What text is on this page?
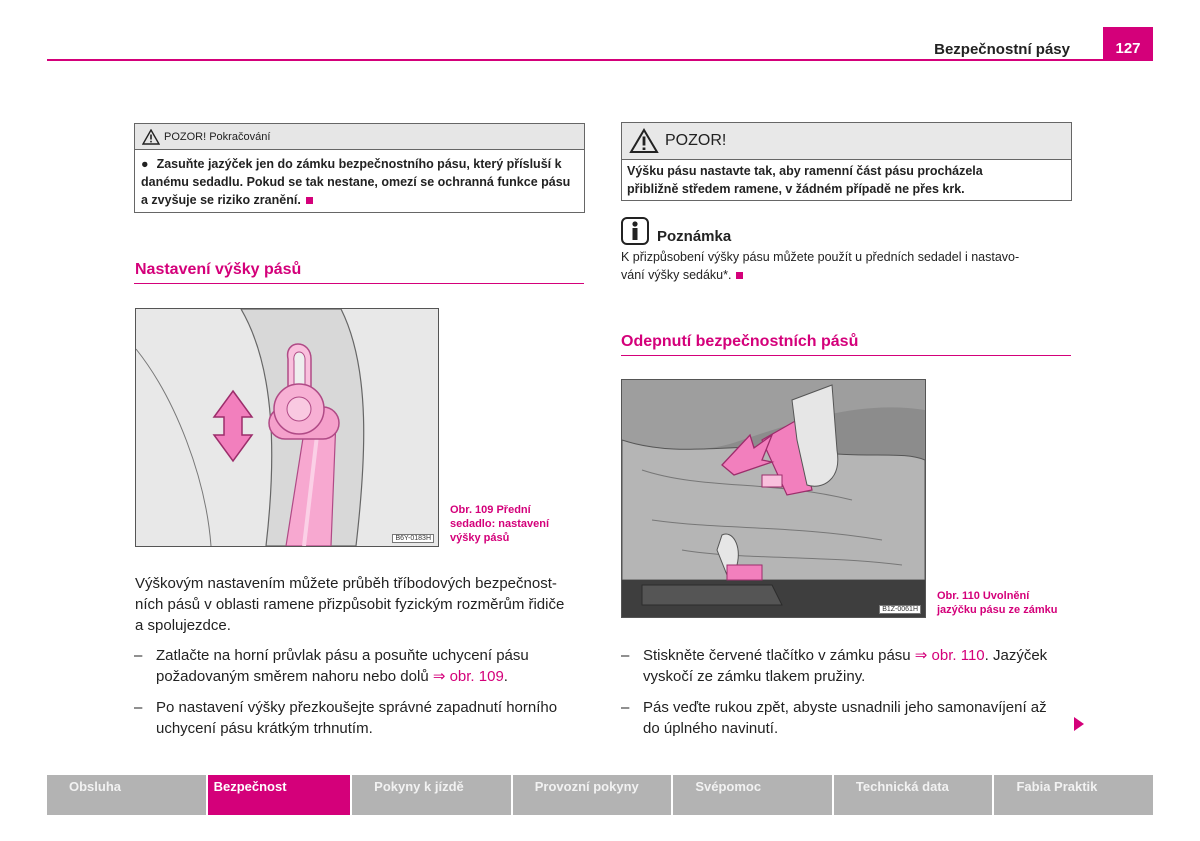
Bezpečnostní pásy	127
POZOR! Pokračování
● Zasuňte jazýček jen do zámku bezpečnostního pásu, který přísluší k danému sedadlu. Pokud se tak nestane, omezí se ochranná funkce pásu a zvyšuje se riziko zranění.
Nastavení výšky pásů
B6Y-0183H
Obr. 109 Přední
sedadlo: nastavení
výšky pásů
Výškovým nastavením můžete průběh tříbodových bezpečnost-
ních pásů v oblasti ramene přizpůsobit fyzickým rozměrům řidiče
a spolujezdce.
– Zatlačte na horní průvlak pásu a posuňte uchycení pásu
požadovaným směrem nahoru nebo dolů ⇒ obr. 109.
– Po nastavení výšky přezkoušejte správné zapadnutí horního
uchycení pásu krátkým trhnutím.
POZOR!
Výšku pásu nastavte tak, aby ramenní část pásu procházela
přibližně středem ramene, v žádném případě ne přes krk.
Poznámka
K přizpůsobení výšky pásu můžete použít u předních sedadel i nastavo-
vání výšky sedáku*.
Odepnutí bezpečnostních pásů
B1Z-0061H
Obr. 110 Uvolnění
jazýčku pásu ze zámku
– Stiskněte červené tlačítko v zámku pásu ⇒ obr. 110. Jazýček
vyskočí ze zámku tlakem pružiny.
– Pás veďte rukou zpět, abyste usnadnili jeho samonavíjení až
do úplného navinutí.
Obsluha	Bezpečnost	Pokyny k jízdě	Provozní pokyny	Svépomoc	Technická data	Fabia Praktik
